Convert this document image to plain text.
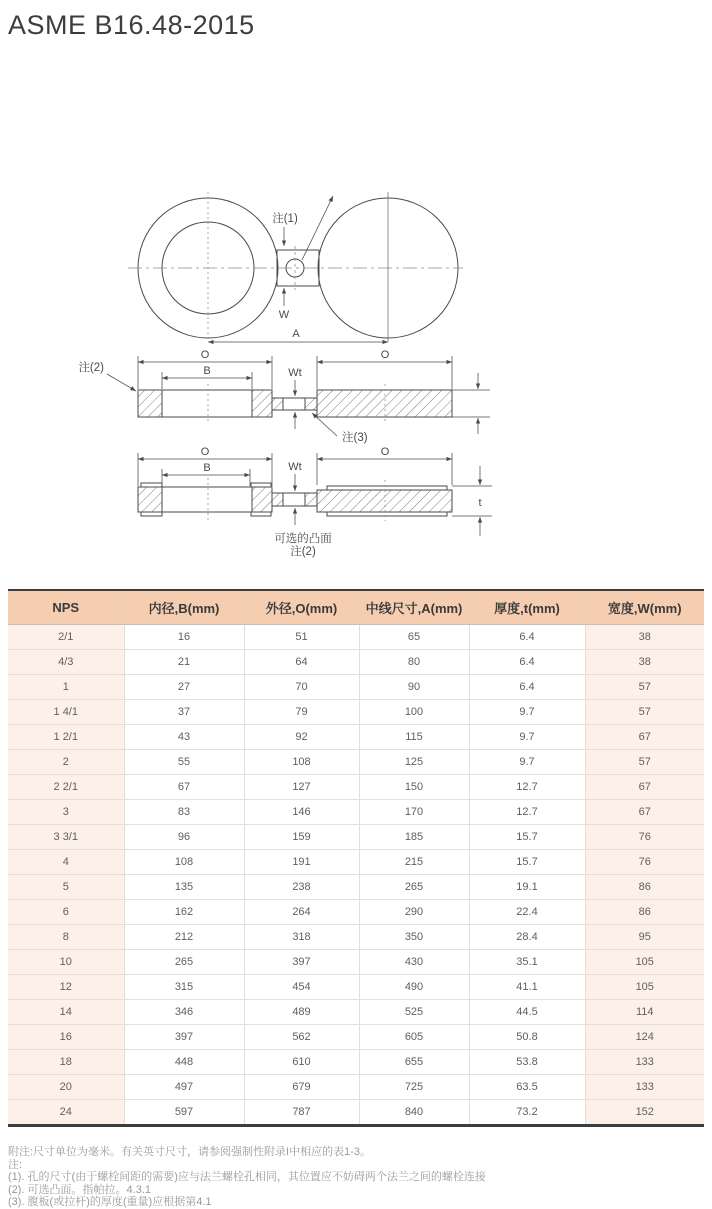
ASME B16.48-2015
注(1)
W
A
O
B
O
Wt
注(2)
注(3)
O
B
O
Wt
t
可选的凸面
注(2)
NPS	内径,B(mm)	外径,O(mm)	中线尺寸,A(mm)	厚度,t(mm)	宽度,W(mm)
2/1	16	51	65	6.4	38
4/3	21	64	80	6.4	38
1	27	70	90	6.4	57
1 4/1	37	79	100	9.7	57
1 2/1	43	92	115	9.7	67
2	55	108	125	9.7	57
2 2/1	67	127	150	12.7	67
3	83	146	170	12.7	67
3 3/1	96	159	185	15.7	76
4	108	191	215	15.7	76
5	135	238	265	19.1	86
6	162	264	290	22.4	86
8	212	318	350	28.4	95
10	265	397	430	35.1	105
12	315	454	490	41.1	105
14	346	489	525	44.5	114
16	397	562	605	50.8	124
18	448	610	655	53.8	133
20	497	679	725	63.5	133
24	597	787	840	73.2	152

附注:尺寸单位为毫米。有关英寸尺寸，请参阅强制性附录I中相应的表1-3。

注:

(1). 孔的尺寸(由于螺栓间距的需要)应与法兰螺栓孔相同，其位置应不妨碍两个法兰之间的螺栓连接

(2). 可选凸面。指帕拉。4.3.1

(3). 腹板(或拉杆)的厚度(重量)应根据第4.1
